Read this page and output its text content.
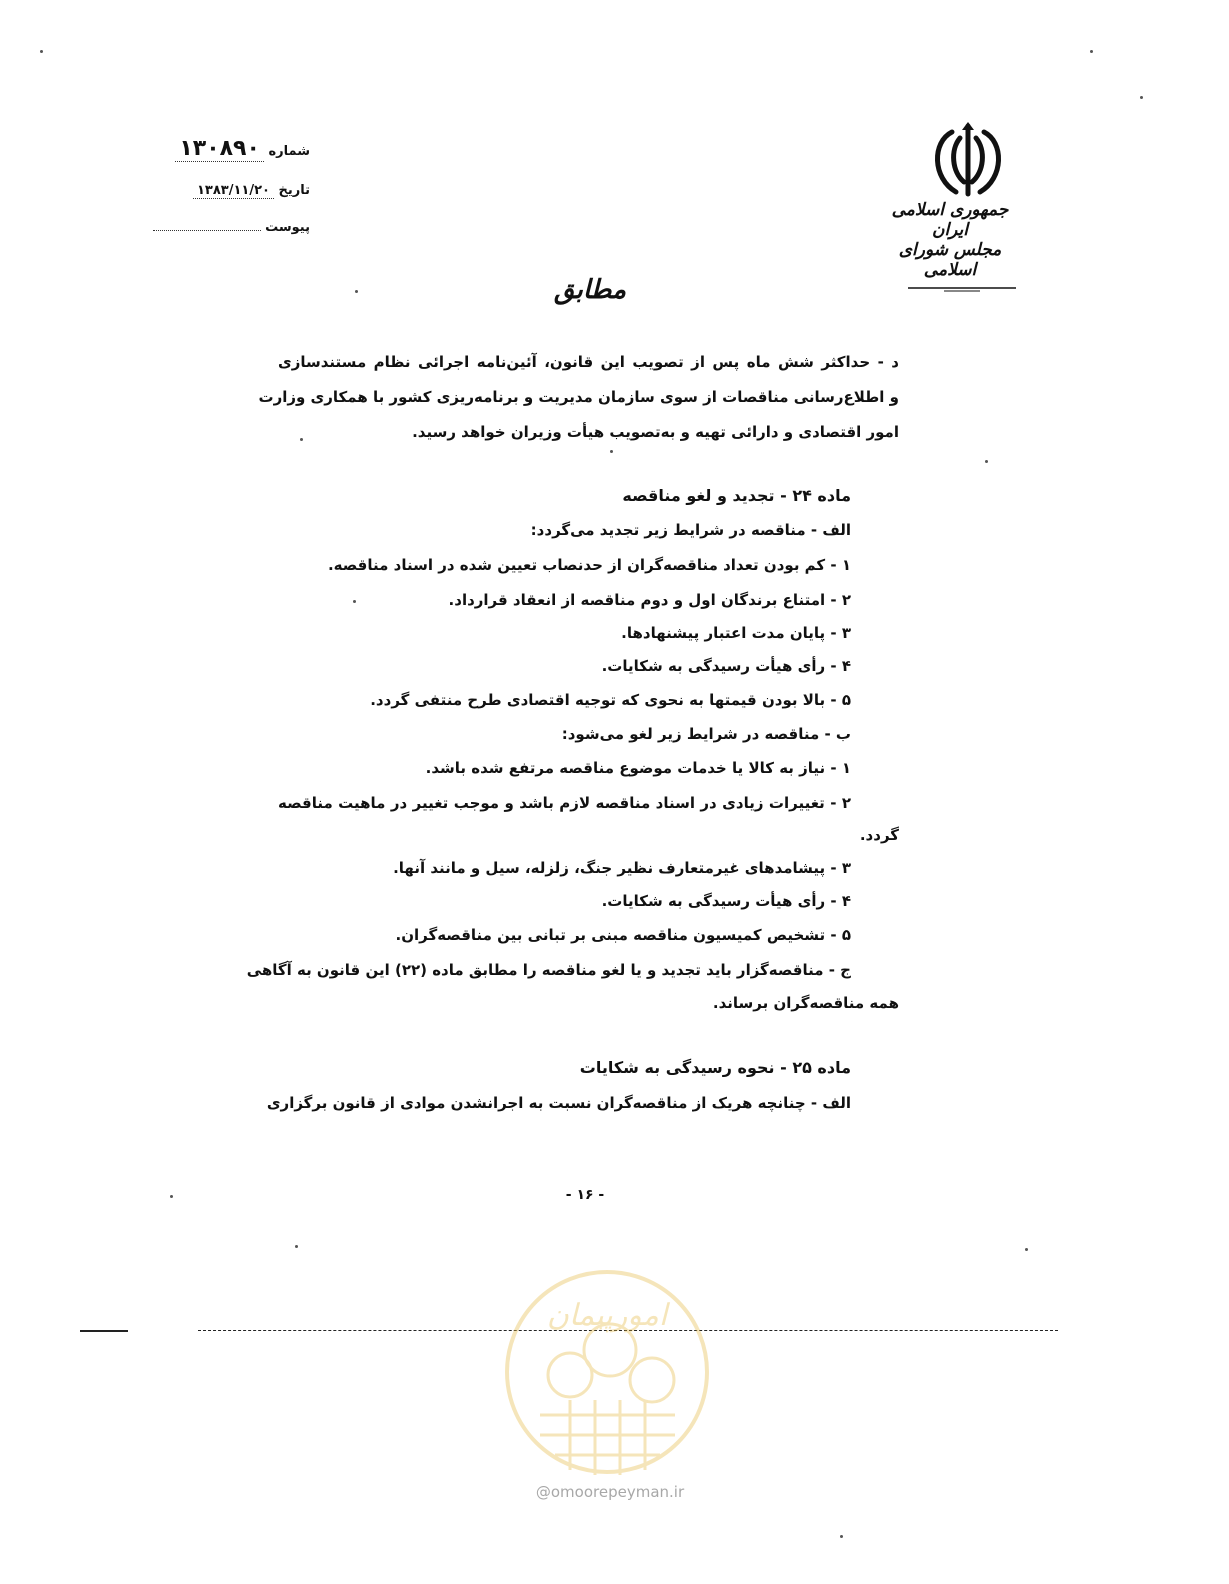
جمهوری اسلامی ایران
مجلس شورای اسلامی
شماره ۱۳۰۸۹۰
تاریخ ۱۳۸۳/۱۱/۲۰
پیوست
مطابق
د - حداکثر شش ماه پس از تصویب این قانون، آئین‌نامه اجرائی نظام مستندسازی
و اطلاع‌رسانی مناقصات از سوی سازمان مدیریت و برنامه‌ریزی کشور با همکاری وزارت
امور اقتصادی و دارائی تهیه و به‌تصویب هیأت وزیران خواهد رسید.
ماده ۲۴ - تجدید و لغو مناقصه
الف - مناقصه در شرایط زیر تجدید می‌گردد:
۱ - کم بودن تعداد مناقصه‌گران از حدنصاب تعیین شده در اسناد مناقصه.
۲ - امتناع برندگان اول و دوم مناقصه از انعقاد قرارداد.
۳ - پایان مدت اعتبار پیشنهادها.
۴ - رأی هیأت رسیدگی به شکایات.
۵ - بالا بودن قیمتها به نحوی که توجیه اقتصادی طرح منتفی گردد.
ب - مناقصه در شرایط زیر لغو می‌شود:
۱ - نیاز به کالا یا خدمات موضوع مناقصه مرتفع شده باشد.
۲ - تغییرات زیادی در اسناد مناقصه لازم باشد و موجب تغییر در ماهیت مناقصه
گردد.
۳ - پیشامدهای غیرمتعارف نظیر جنگ، زلزله، سیل و مانند آنها.
۴ - رأی هیأت رسیدگی به شکایات.
۵ - تشخیص کمیسیون مناقصه مبنی بر تبانی بین مناقصه‌گران.
ج - مناقصه‌گزار باید تجدید و یا لغو مناقصه را مطابق ماده (۲۲) این قانون به آگاهی
همه مناقصه‌گران برساند.
ماده ۲۵ - نحوه رسیدگی به شکایات
الف - چنانچه هریک از مناقصه‌گران نسبت به اجرانشدن موادی از قانون برگزاری
- ۱۶ -
امورپیمان
@omoorepeyman.ir
